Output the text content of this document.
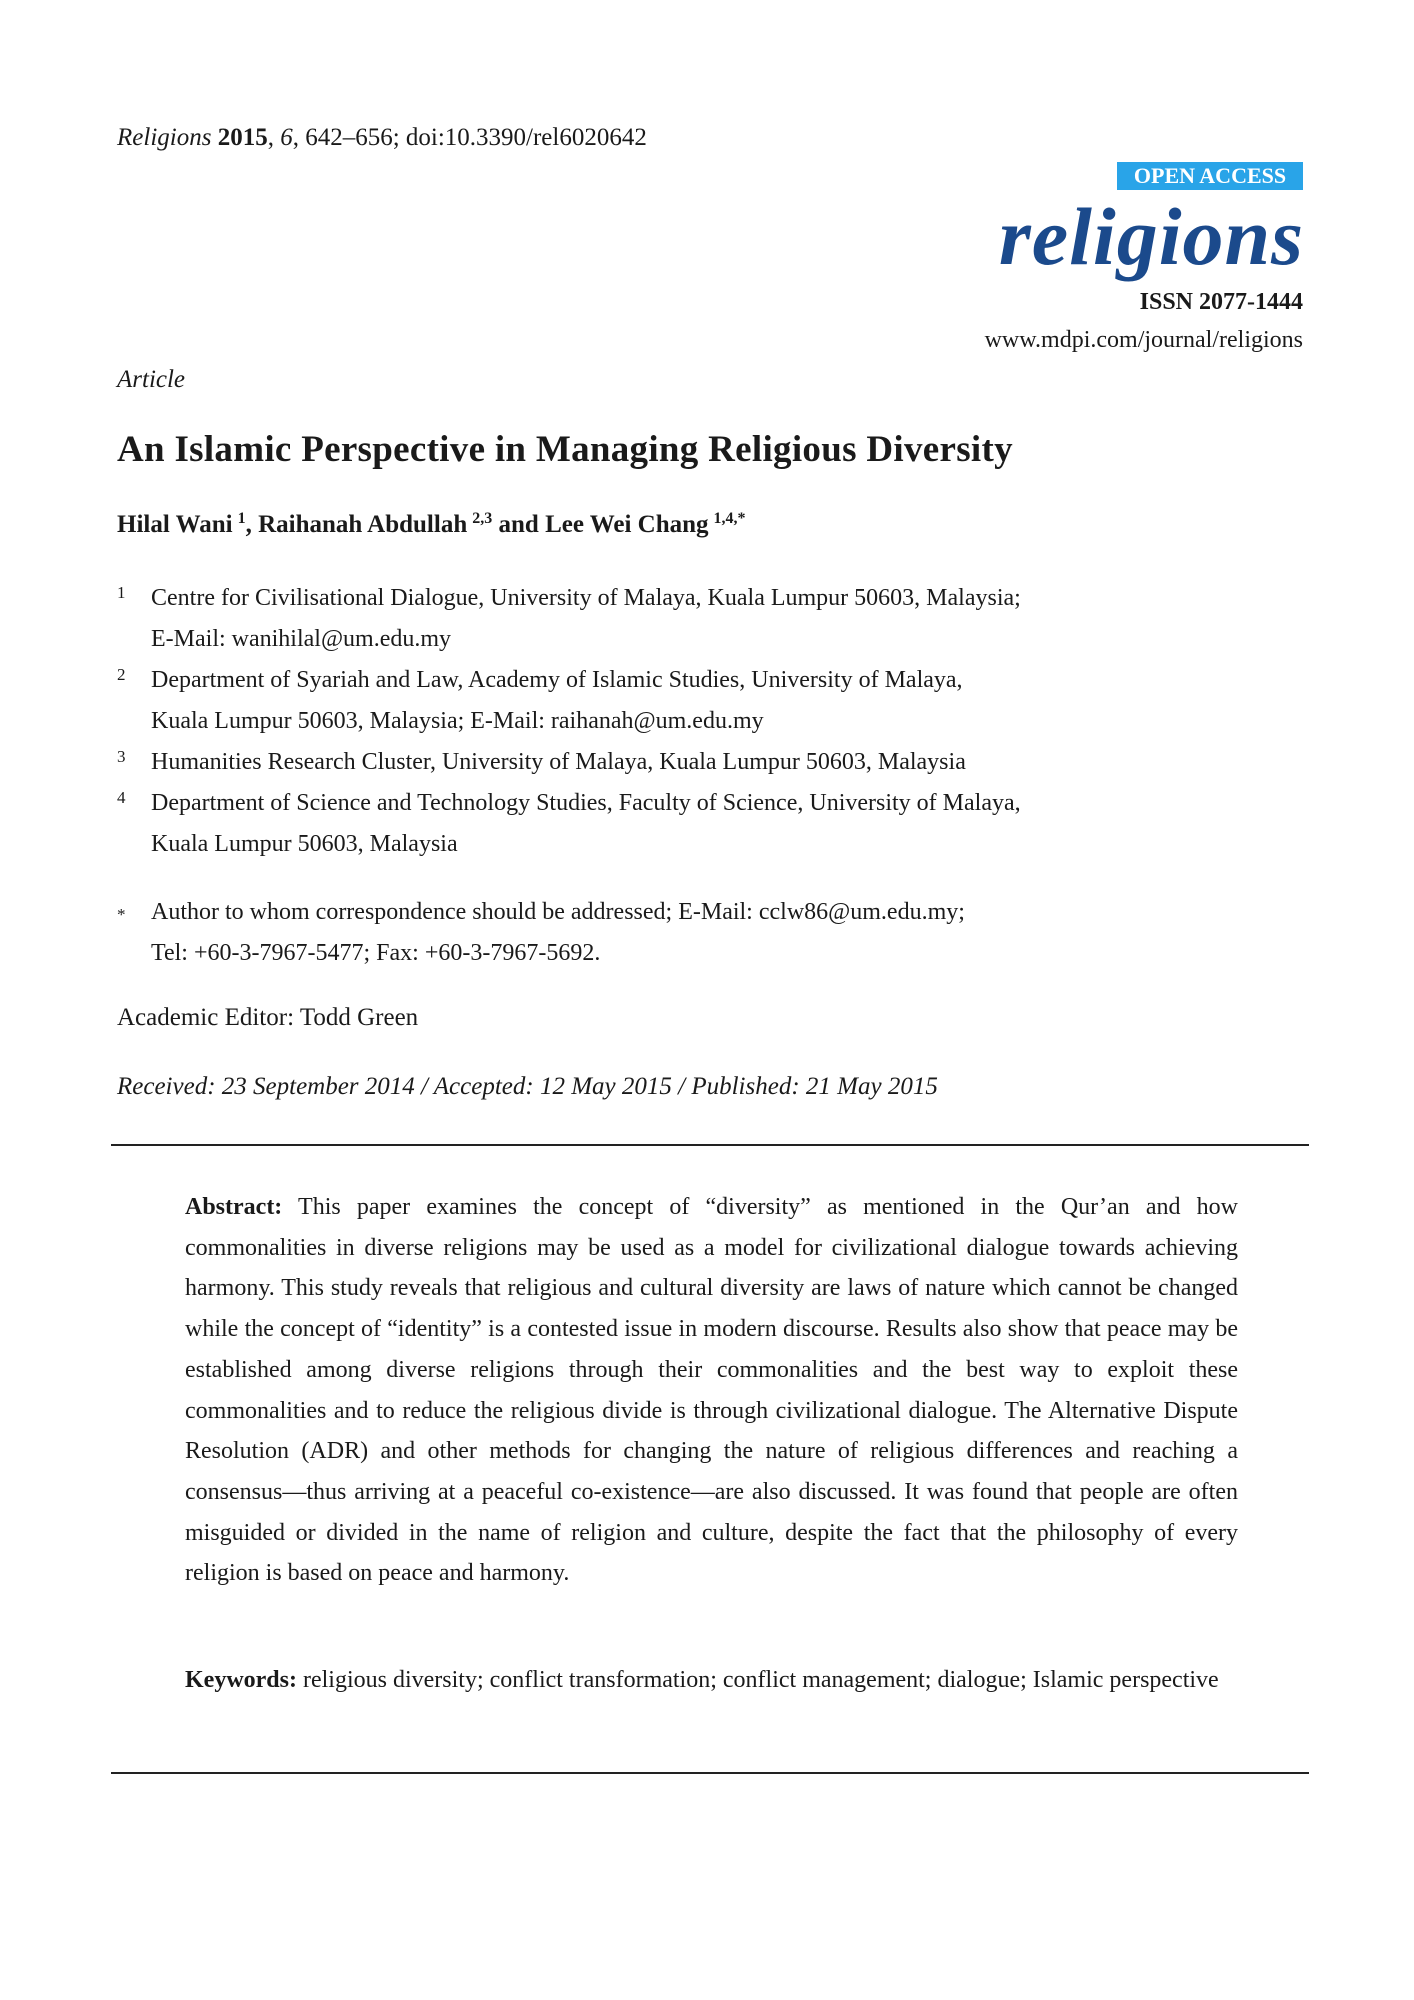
Religions 2015, 6, 642–656; doi:10.3390/rel6020642
OPEN ACCESS
religions
ISSN 2077-1444
www.mdpi.com/journal/religions
Article
An Islamic Perspective in Managing Religious Diversity
Hilal Wani  $^1$, Raihanah Abdullah  $^{2,3}$ and Lee Wei Chang  $^{1,4,*}$
1 Centre for Civilisational Dialogue, University of Malaya, Kuala Lumpur 50603, Malaysia;
E-Mail: wanihilal@um.edu.my
2 Department of Syariah and Law, Academy of Islamic Studies, University of Malaya,
Kuala Lumpur 50603, Malaysia; E-Mail: raihanah@um.edu.my
3 Humanities Research Cluster, University of Malaya, Kuala Lumpur 50603, Malaysia
4 Department of Science and Technology Studies, Faculty of Science, University of Malaya,
Kuala Lumpur 50603, Malaysia
* Author to whom correspondence should be addressed; E-Mail: cclw86@um.edu.my;
Tel: +60-3-7967-5477; Fax: +60-3-7967-5692.
Academic Editor: Todd Green
Received: 23 September 2014 / Accepted: 12 May 2015 / Published: 21 May 2015
Abstract: This paper examines the concept of “diversity” as mentioned in the Qur’an and how commonalities in diverse religions may be used as a model for civilizational dialogue towards achieving harmony. This study reveals that religious and cultural diversity are laws of nature which cannot be changed while the concept of “identity” is a contested issue in modern discourse. Results also show that peace may be established among diverse religions through their commonalities and the best way to exploit these commonalities and to reduce the religious divide is through civilizational dialogue. The Alternative Dispute Resolution (ADR) and other methods for changing the nature of religious differences and reaching a consensus—thus arriving at a peaceful co-existence—are also discussed. It was found that people are often misguided or divided in the name of religion and culture, despite the fact that the philosophy of every religion is based on peace and harmony.
Keywords: religious diversity; conflict transformation; conflict management; dialogue; Islamic perspective
